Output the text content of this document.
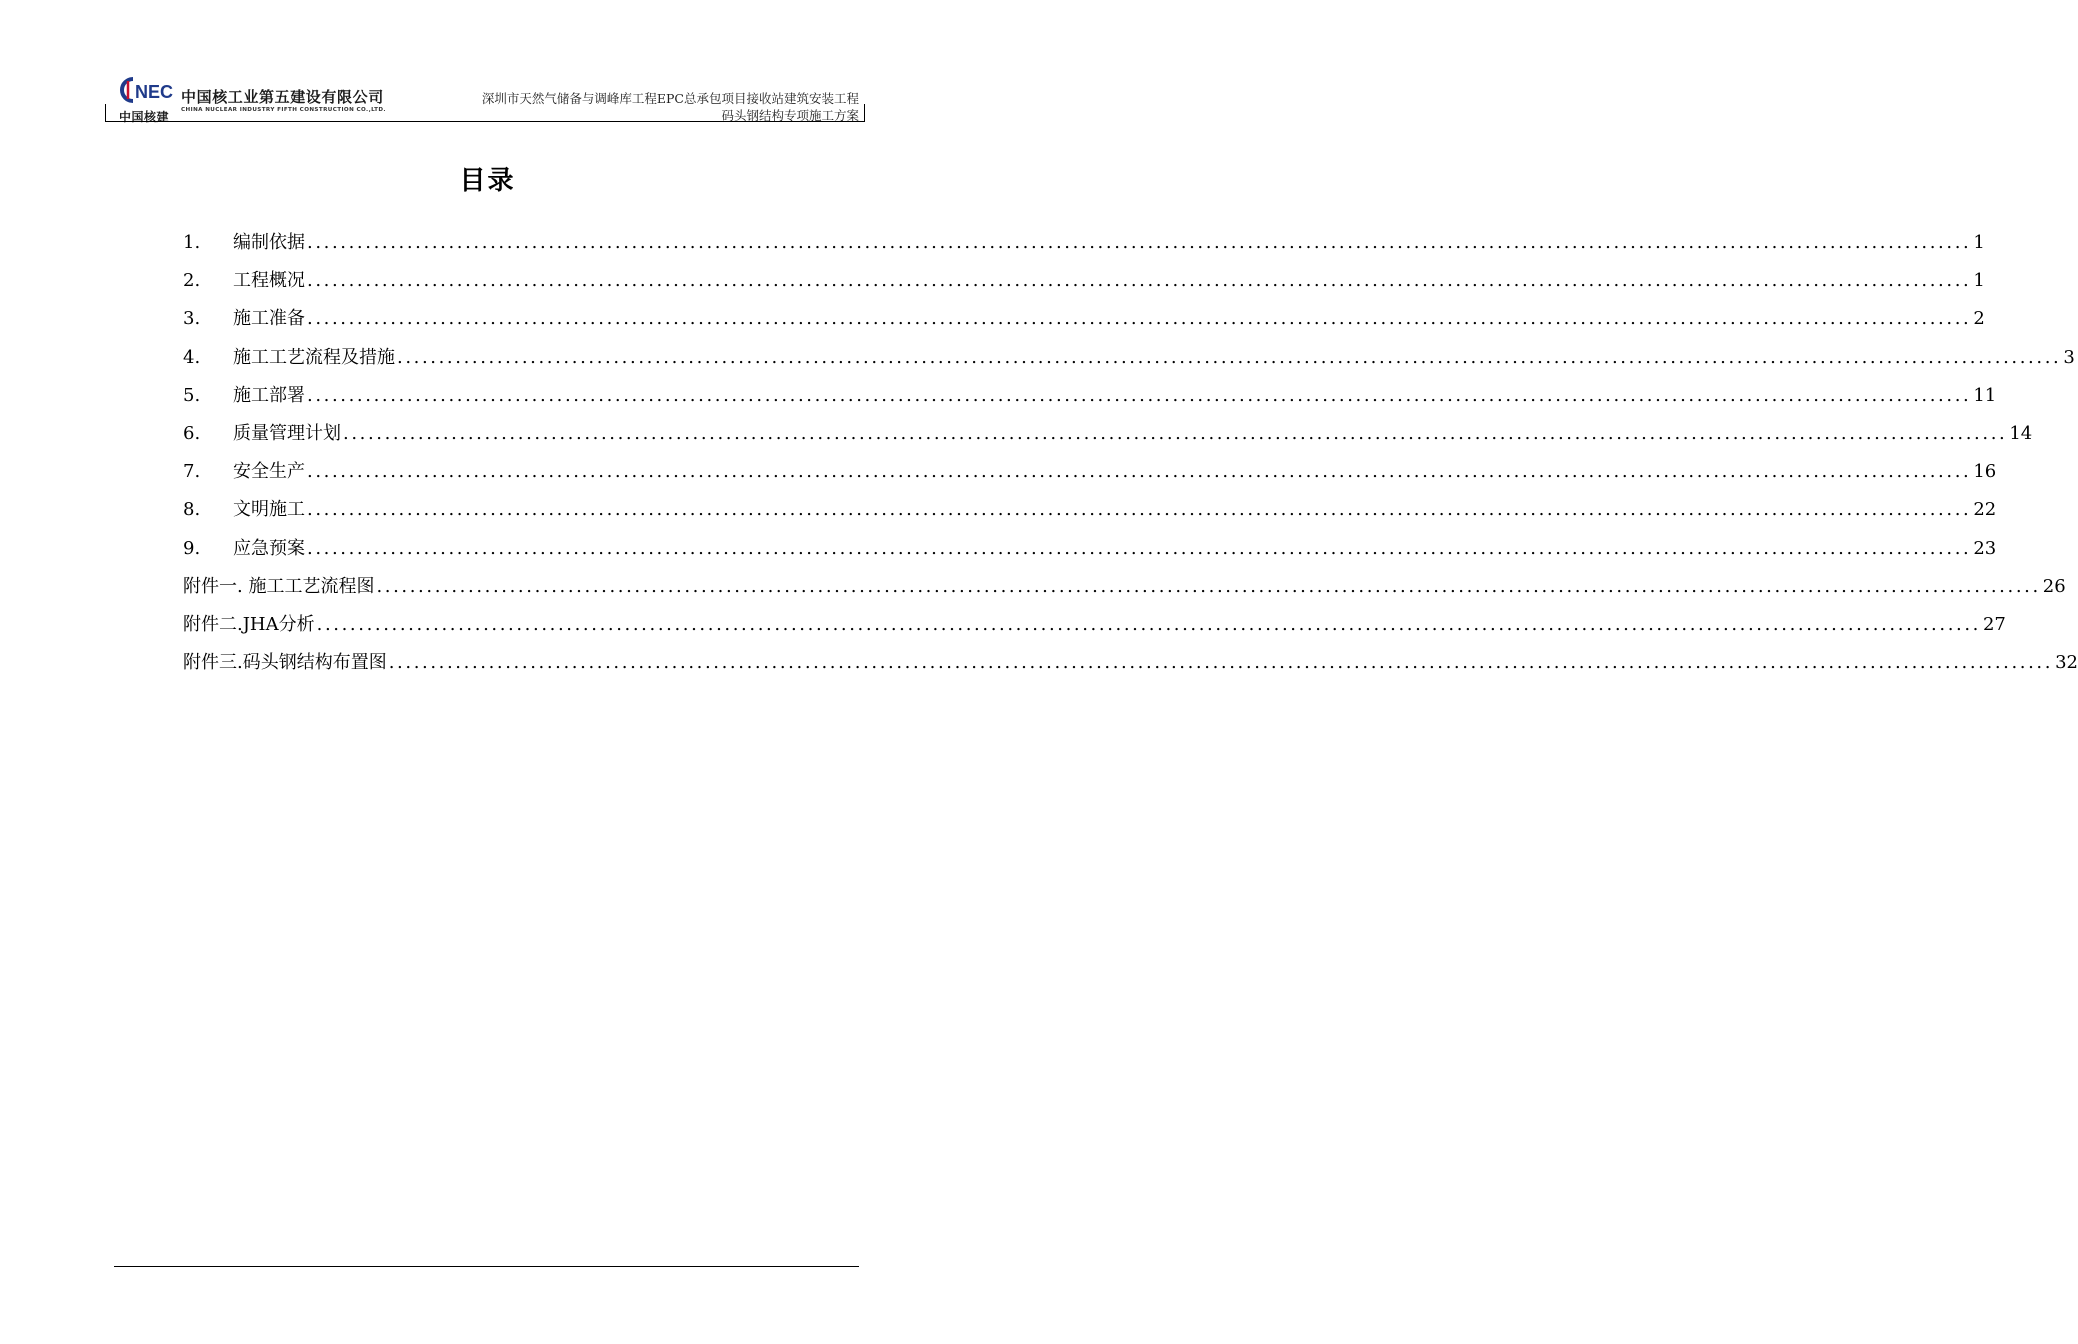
NEC
中国核建
中国核工业第五建设有限公司
CHINA NUCLEAR INDUSTRY FIFTH CONSTRUCTION CO.,LTD.
深圳市天然气储备与调峰库工程EPC总承包项目接收站建筑安装工程
码头钢结构专项施工方案
目录
1.	编制依据 ........................................................................................................................................................................................................ 1
2.	工程概况 ........................................................................................................................................................................................................ 1
3.	施工准备 ........................................................................................................................................................................................................ 2
4.	施工工艺流程及措施 ........................................................................................................................................................................................................ 3
5.	施工部署 ........................................................................................................................................................................................................ 11
6.	质量管理计划 ........................................................................................................................................................................................................ 14
7.	安全生产 ........................................................................................................................................................................................................ 16
8.	文明施工 ........................................................................................................................................................................................................ 22
9.	应急预案 ........................................................................................................................................................................................................ 23
附件一. 施工工艺流程图 ........................................................................................................................................................................................................ 26
附件二.JHA分析 ........................................................................................................................................................................................................ 27
附件三.码头钢结构布置图 ........................................................................................................................................................................................................ 32
